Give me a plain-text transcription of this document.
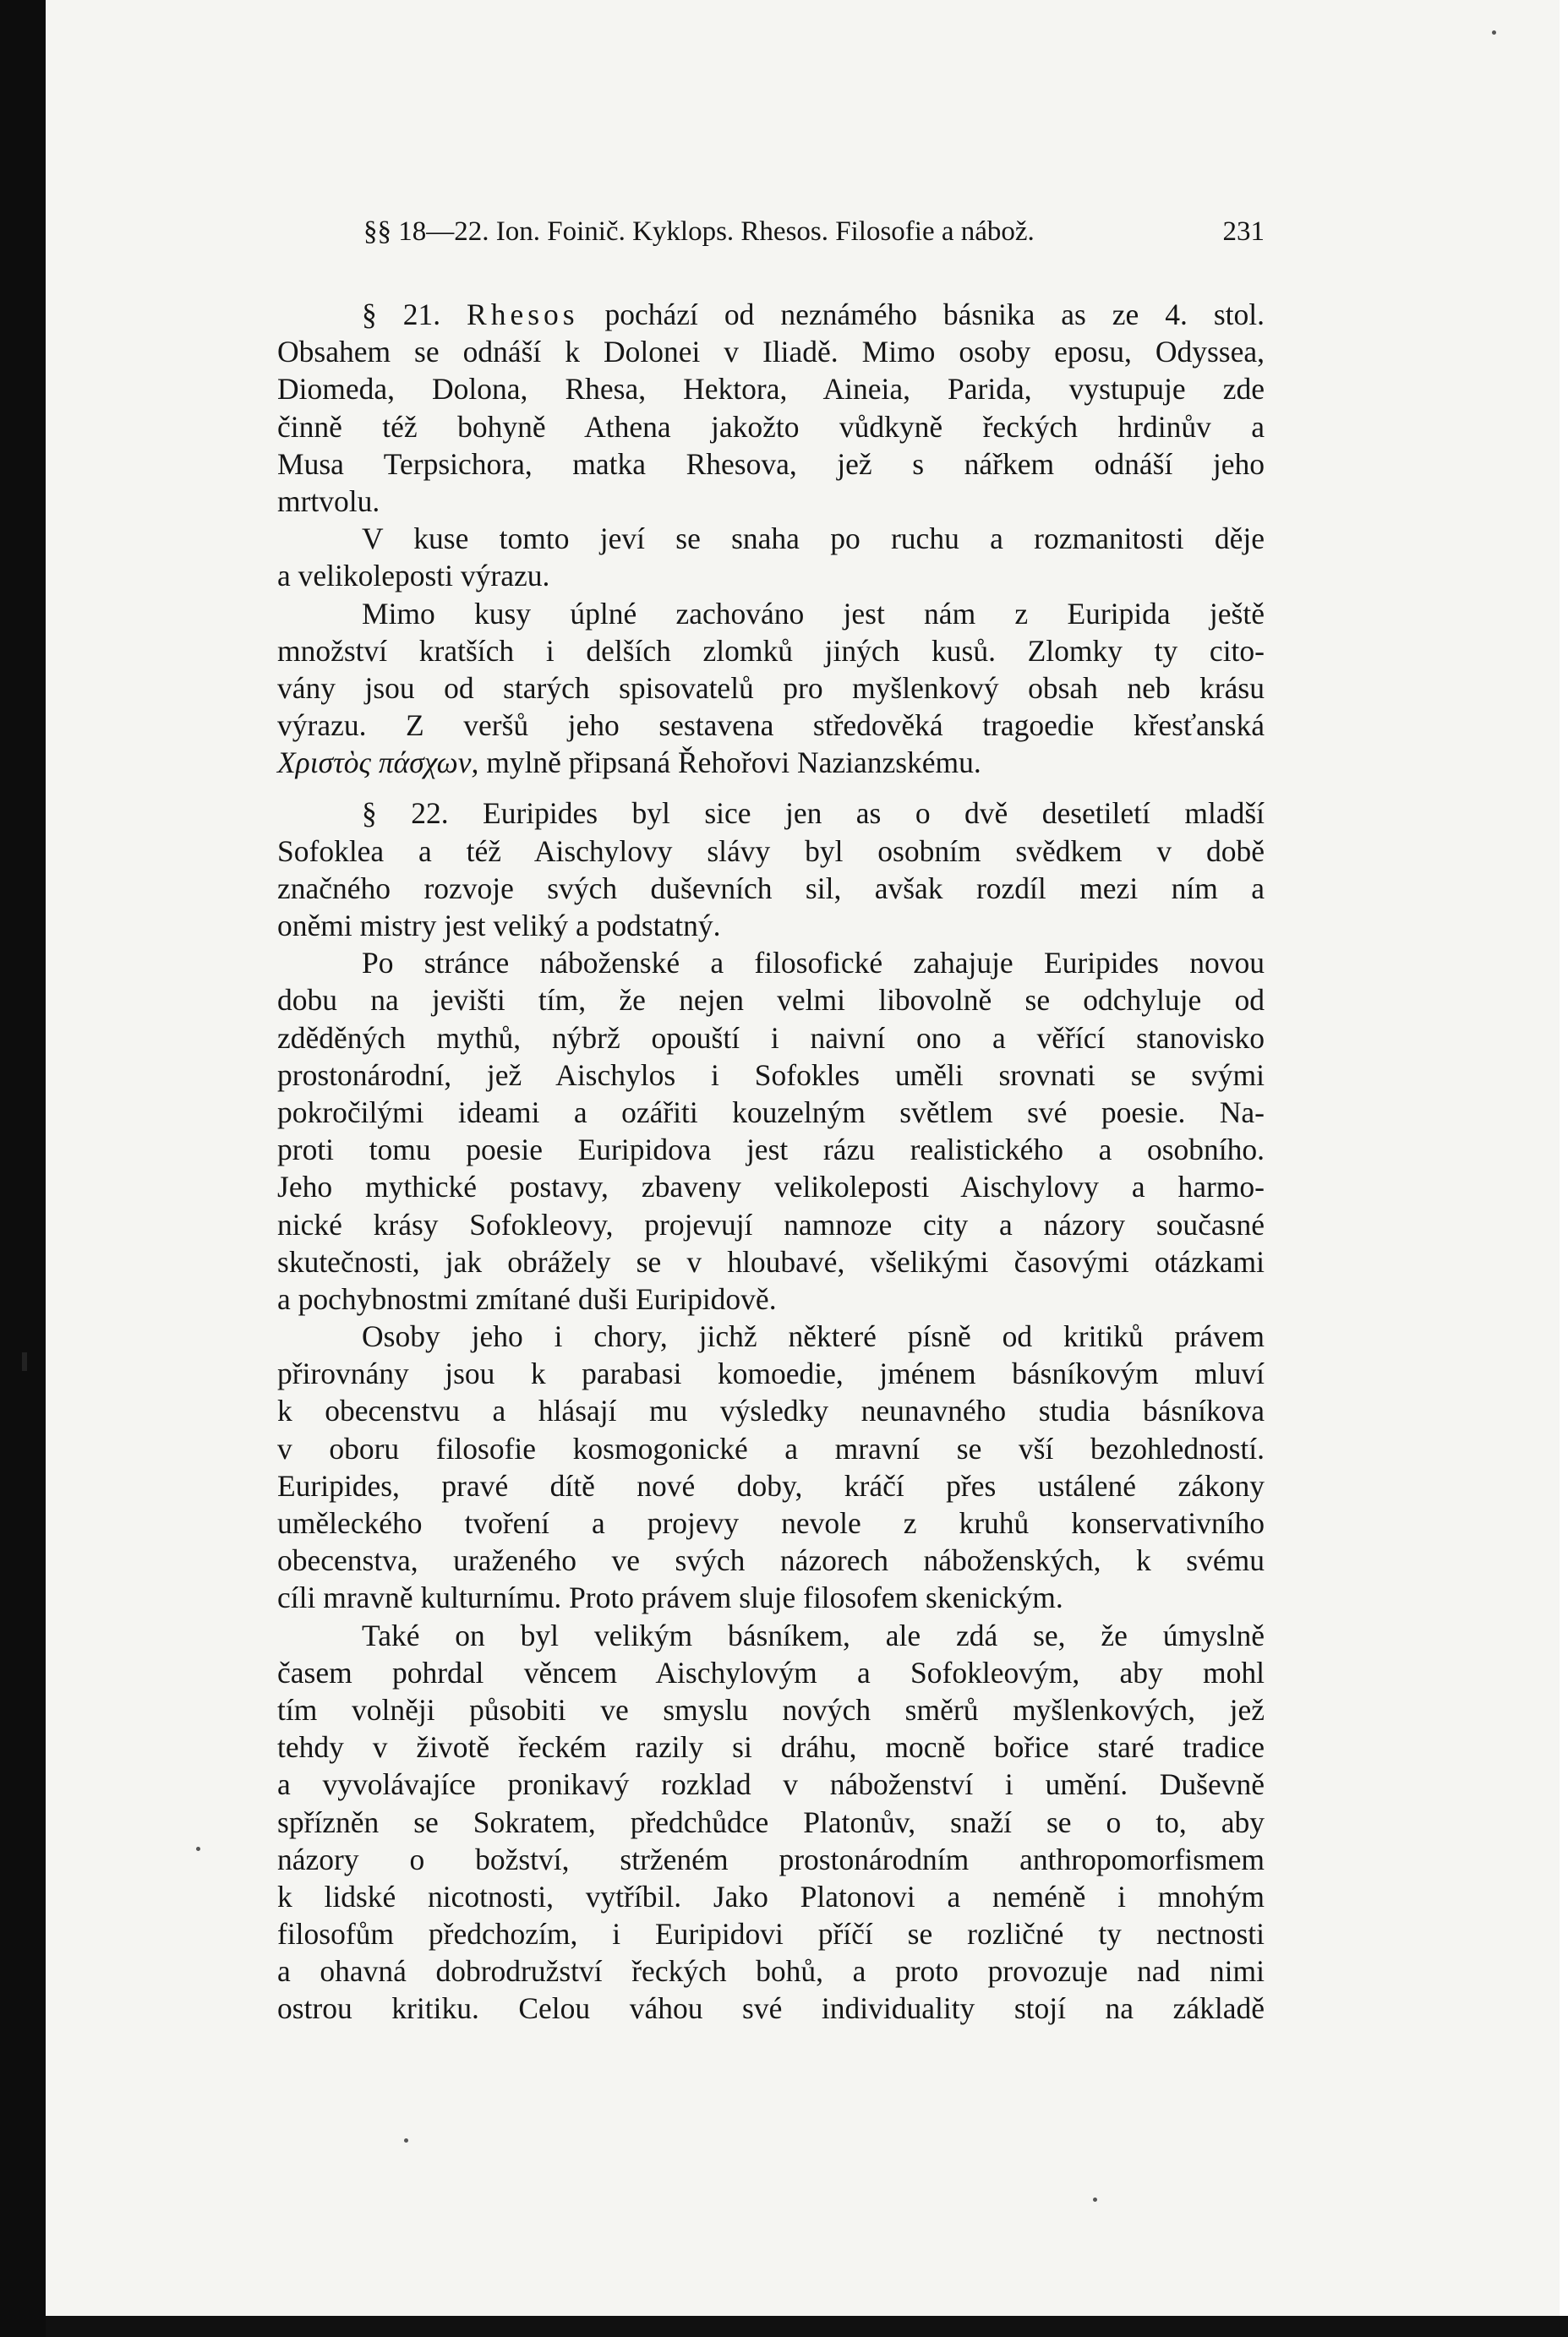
§§ 18—22. Ion. Foinič. Kyklops. Rhesos. Filosofie a nábož.	231
§ 21. Rhesos pochází od neznámého básnika as ze 4. stol.
Obsahem se odnáší k Dolonei v Iliadě. Mimo osoby eposu, Odyssea,
Diomeda, Dolona, Rhesa, Hektora, Aineia, Parida, vystupuje zde
činně též bohyně Athena jakožto vůdkyně řeckých hrdinův a
Musa Terpsichora, matka Rhesova, jež s nářkem odnáší jeho
mrtvolu.
V kuse tomto jeví se snaha po ruchu a rozmanitosti děje
a velikoleposti výrazu.
Mimo kusy úplné zachováno jest nám z Euripida ještě
množství kratších i delších zlomků jiných kusů. Zlomky ty cito-
vány jsou od starých spisovatelů pro myšlenkový obsah neb krásu
výrazu. Z veršů jeho sestavena středověká tragoedie křesťanská
Χριστὸς πάσχων, mylně připsaná Řehořovi Nazianzskému.
§ 22. Euripides byl sice jen as o dvě desetiletí mladší
Sofoklea a též Aischylovy slávy byl osobním svědkem v době
značného rozvoje svých duševních sil, avšak rozdíl mezi ním a
oněmi mistry jest veliký a podstatný.
Po stránce náboženské a filosofické zahajuje Euripides novou
dobu na jevišti tím, že nejen velmi libovolně se odchyluje od
zděděných mythů, nýbrž opouští i naivní ono a věřící stanovisko
prostonárodní, jež Aischylos i Sofokles uměli srovnati se svými
pokročilými ideami a ozářiti kouzelným světlem své poesie. Na-
proti tomu poesie Euripidova jest rázu realistického a osobního.
Jeho mythické postavy, zbaveny velikoleposti Aischylovy a harmo-
nické krásy Sofokleovy, projevují namnoze city a názory současné
skutečnosti, jak obrážely se v hloubavé, všelikými časovými otázkami
a pochybnostmi zmítané duši Euripidově.
Osoby jeho i chory, jichž některé písně od kritiků právem
přirovnány jsou k parabasi komoedie, jménem básníkovým mluví
k obecenstvu a hlásají mu výsledky neunavného studia básníkova
v oboru filosofie kosmogonické a mravní se vší bezohledností.
Euripides, pravé dítě nové doby, kráčí přes ustálené zákony
uměleckého tvoření a projevy nevole z kruhů konservativního
obecenstva, uraženého ve svých názorech náboženských, k svému
cíli mravně kulturnímu. Proto právem sluje filosofem skenickým.
Také on byl velikým básníkem, ale zdá se, že úmyslně
časem pohrdal věncem Aischylovým a Sofokleovým, aby mohl
tím volněji působiti ve smyslu nových směrů myšlenkových, jež
tehdy v životě řeckém razily si dráhu, mocně bořice staré tradice
a vyvolávajíce pronikavý rozklad v náboženství i umění. Duševně
spřízněn se Sokratem, předchůdce Platonův, snaží se o to, aby
názory o božství, strženém prostonárodním anthropomorfismem
k lidské nicotnosti, vytříbil. Jako Platonovi a neméně i mnohým
filosofům předchozím, i Euripidovi příčí se rozličné ty nectnosti
a ohavná dobrodružství řeckých bohů, a proto provozuje nad nimi
ostrou kritiku. Celou váhou své individuality stojí na základě
